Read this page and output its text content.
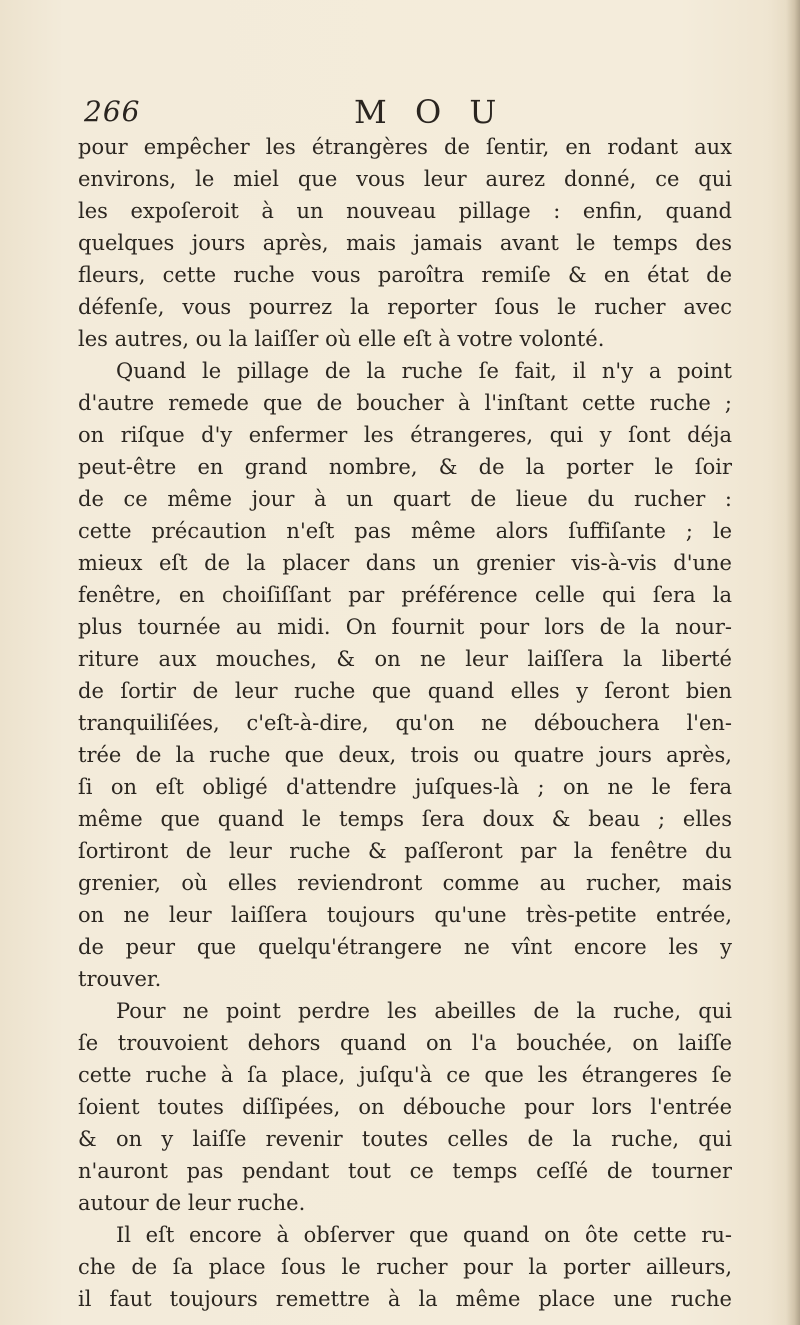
266	M O U
pour empêcher les étrangères de ſentir, en rodant aux
environs, le miel que vous leur aurez donné, ce qui
les expoſeroit à un nouveau pillage : enfin, quand
quelques jours après, mais jamais avant le temps des
fleurs, cette ruche vous paroîtra remiſe & en état de
défenſe, vous pourrez la reporter ſous le rucher avec
les autres, ou la laiſſer où elle eſt à votre volonté.
Quand le pillage de la ruche ſe fait, il n'y a point
d'autre remede que de boucher à l'inſtant cette ruche ;
on riſque d'y enfermer les étrangeres, qui y ſont déja
peut-être en grand nombre, & de la porter le ſoir
de ce même jour à un quart de lieue du rucher :
cette précaution n'eſt pas même alors ſuffiſante ; le
mieux eſt de la placer dans un grenier vis-à-vis d'une
fenêtre, en choiſiſſant par préférence celle qui ſera la
plus tournée au midi. On fournit pour lors de la nour-
riture aux mouches, & on ne leur laiſſera la liberté
de ſortir de leur ruche que quand elles y ſeront bien
tranquiliſées, c'eſt-à-dire, qu'on ne débouchera l'en-
trée de la ruche que deux, trois ou quatre jours après,
ſi on eſt obligé d'attendre juſques-là ; on ne le fera
même que quand le temps ſera doux & beau ; elles
ſortiront de leur ruche & paſſeront par la fenêtre du
grenier, où elles reviendront comme au rucher, mais
on ne leur laiſſera toujours qu'une très-petite entrée,
de peur que quelqu'étrangere ne vînt encore les y
trouver.
Pour ne point perdre les abeilles de la ruche, qui
ſe trouvoient dehors quand on l'a bouchée, on laiſſe
cette ruche à ſa place, juſqu'à ce que les étrangeres ſe
ſoient toutes diſſipées, on débouche pour lors l'entrée
& on y laiſſe revenir toutes celles de la ruche, qui
n'auront pas pendant tout ce temps ceſſé de tourner
autour de leur ruche.
Il eſt encore à obſerver que quand on ôte cette ru-
che de ſa place ſous le rucher pour la porter ailleurs,
il faut toujours remettre à la même place une ruche
